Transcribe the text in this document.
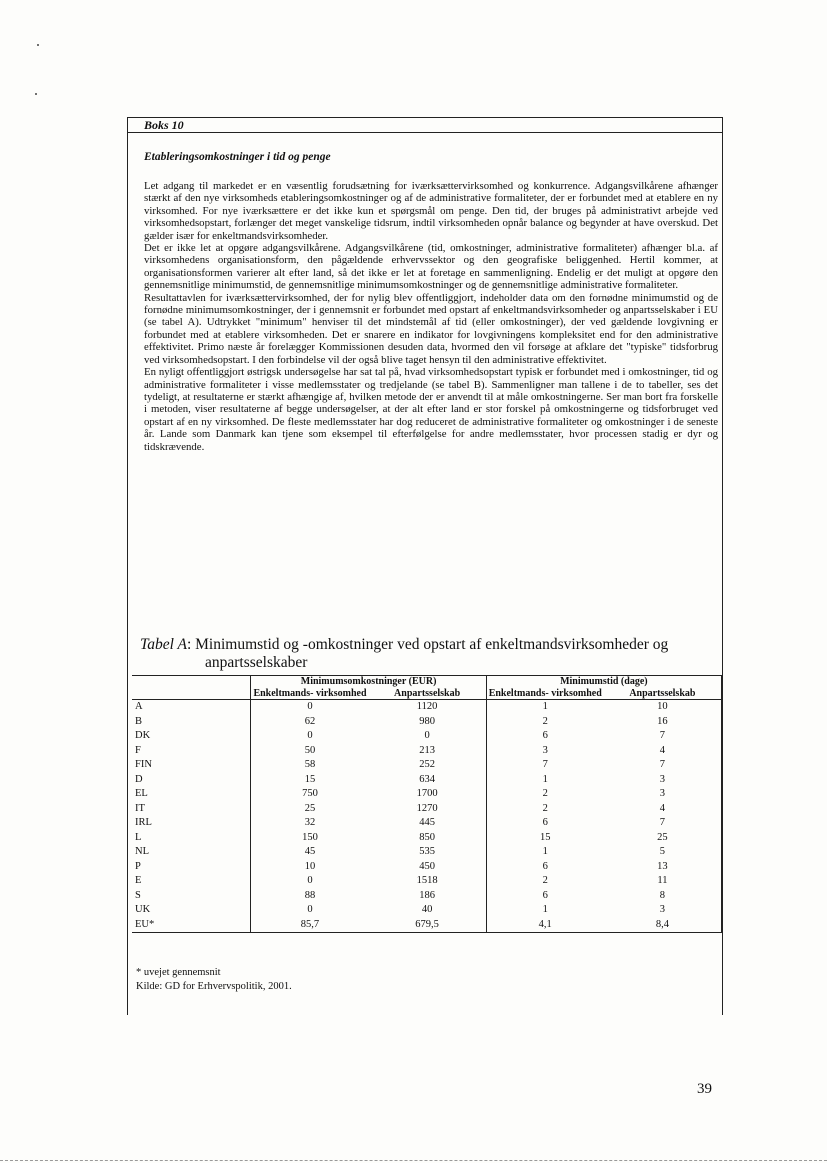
Boks 10
Etableringsomkostninger i tid og penge

Let adgang til markedet er en væsentlig forudsætning for iværksættervirksomhed og konkurrence. Adgangsvilkårene afhænger stærkt af den nye virksomheds etableringsomkostninger og af de administrative formaliteter, der er forbundet med at etablere en ny virksomhed. For nye iværksættere er det ikke kun et spørgsmål om penge. Den tid, der bruges på administrativt arbejde ved virksomhedsopstart, forlænger det meget vanskelige tidsrum, indtil virksomheden opnår balance og begynder at have overskud. Det gælder især for enkeltmandsvirksomheder.

Det er ikke let at opgøre adgangsvilkårene. Adgangsvilkårene (tid, omkostninger, administrative formaliteter) afhænger bl.a. af virksomhedens organisationsform, den pågældende erhvervssektor og den geografiske beliggenhed. Hertil kommer, at organisationsformen varierer alt efter land, så det ikke er let at foretage en sammenligning. Endelig er det muligt at opgøre den gennemsnitlige minimumstid, de gennemsnitlige minimumsomkostninger og de gennemsnitlige administrative formaliteter.

Resultattavlen for iværksættervirksomhed, der for nylig blev offentliggjort, indeholder data om den fornødne minimumstid og de fornødne minimumsomkostninger, der i gennemsnit er forbundet med opstart af enkeltmandsvirksomheder og anpartsselskaber i EU (se tabel A). Udtrykket "minimum" henviser til det mindstemål af tid (eller omkostninger), der ved gældende lovgivning er forbundet med at etablere virksomheden. Det er snarere en indikator for lovgivningens kompleksitet end for den administrative effektivitet. Primo næste år forelægger Kommissionen desuden data, hvormed den vil forsøge at afklare det "typiske" tidsforbrug ved virksomhedsopstart. I den forbindelse vil der også blive taget hensyn til den administrative effektivitet.

En nyligt offentliggjort østrigsk undersøgelse har sat tal på, hvad virksomhedsopstart typisk er forbundet med i omkostninger, tid og administrative formaliteter i visse medlemsstater og tredjelande (se tabel B). Sammenligner man tallene i de to tabeller, ses det tydeligt, at resultaterne er stærkt afhængige af, hvilken metode der er anvendt til at måle omkostningerne. Ser man bort fra forskelle i metoden, viser resultaterne af begge undersøgelser, at der alt efter land er stor forskel på omkostningerne og tidsforbruget ved opstart af en ny virksomhed. De fleste medlemsstater har dog reduceret de administrative formaliteter og omkostninger i de seneste år. Lande som Danmark kan tjene som eksempel til efterfølgelse for andre medlemsstater, hvor processen stadig er dyr og tidskrævende.

Tabel A: Minimumstid og -omkostninger ved opstart af enkeltmandsvirksomheder og
anpartsselskaber
	Minimumsomkostninger (EUR)		Minimumstid (dage)	
	Enkeltmands- virksomhed	Anpartsselskab	Enkeltmands- virksomhed	Anpartsselskab
A	0	1120	1	10
B	62	980	2	16
DK	0	0	6	7
F	50	213	3	4
FIN	58	252	7	7
D	15	634	1	3
EL	750	1700	2	3
IT	25	1270	2	4
IRL	32	445	6	7
L	150	850	15	25
NL	45	535	1	5
P	10	450	6	13
E	0	1518	2	11
S	88	186	6	8
UK	0	40	1	3
EU*	85,7	679,5	4,1	8,4
* uvejet gennemsnit
Kilde: GD for Erhvervspolitik, 2001.
39
